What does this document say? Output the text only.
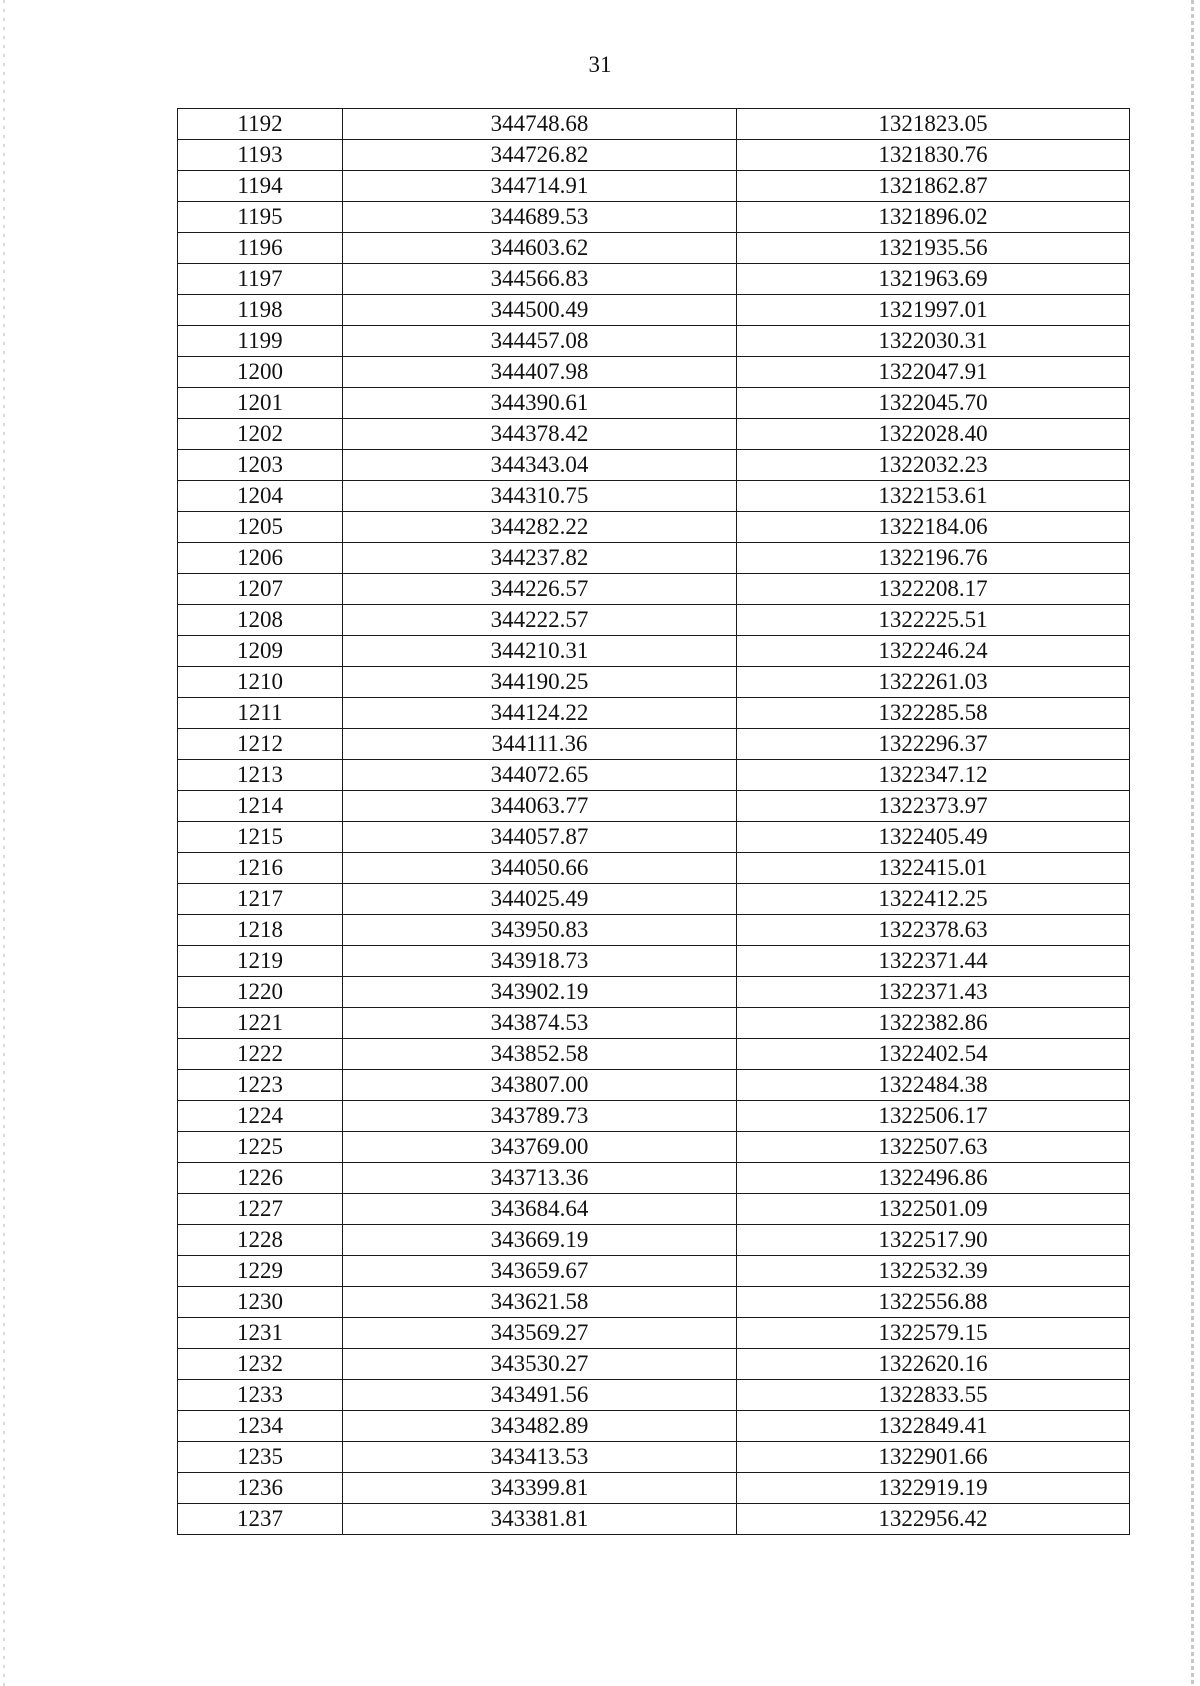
31
1192	344748.68	1321823.05
1193	344726.82	1321830.76
1194	344714.91	1321862.87
1195	344689.53	1321896.02
1196	344603.62	1321935.56
1197	344566.83	1321963.69
1198	344500.49	1321997.01
1199	344457.08	1322030.31
1200	344407.98	1322047.91
1201	344390.61	1322045.70
1202	344378.42	1322028.40
1203	344343.04	1322032.23
1204	344310.75	1322153.61
1205	344282.22	1322184.06
1206	344237.82	1322196.76
1207	344226.57	1322208.17
1208	344222.57	1322225.51
1209	344210.31	1322246.24
1210	344190.25	1322261.03
1211	344124.22	1322285.58
1212	344111.36	1322296.37
1213	344072.65	1322347.12
1214	344063.77	1322373.97
1215	344057.87	1322405.49
1216	344050.66	1322415.01
1217	344025.49	1322412.25
1218	343950.83	1322378.63
1219	343918.73	1322371.44
1220	343902.19	1322371.43
1221	343874.53	1322382.86
1222	343852.58	1322402.54
1223	343807.00	1322484.38
1224	343789.73	1322506.17
1225	343769.00	1322507.63
1226	343713.36	1322496.86
1227	343684.64	1322501.09
1228	343669.19	1322517.90
1229	343659.67	1322532.39
1230	343621.58	1322556.88
1231	343569.27	1322579.15
1232	343530.27	1322620.16
1233	343491.56	1322833.55
1234	343482.89	1322849.41
1235	343413.53	1322901.66
1236	343399.81	1322919.19
1237	343381.81	1322956.42
